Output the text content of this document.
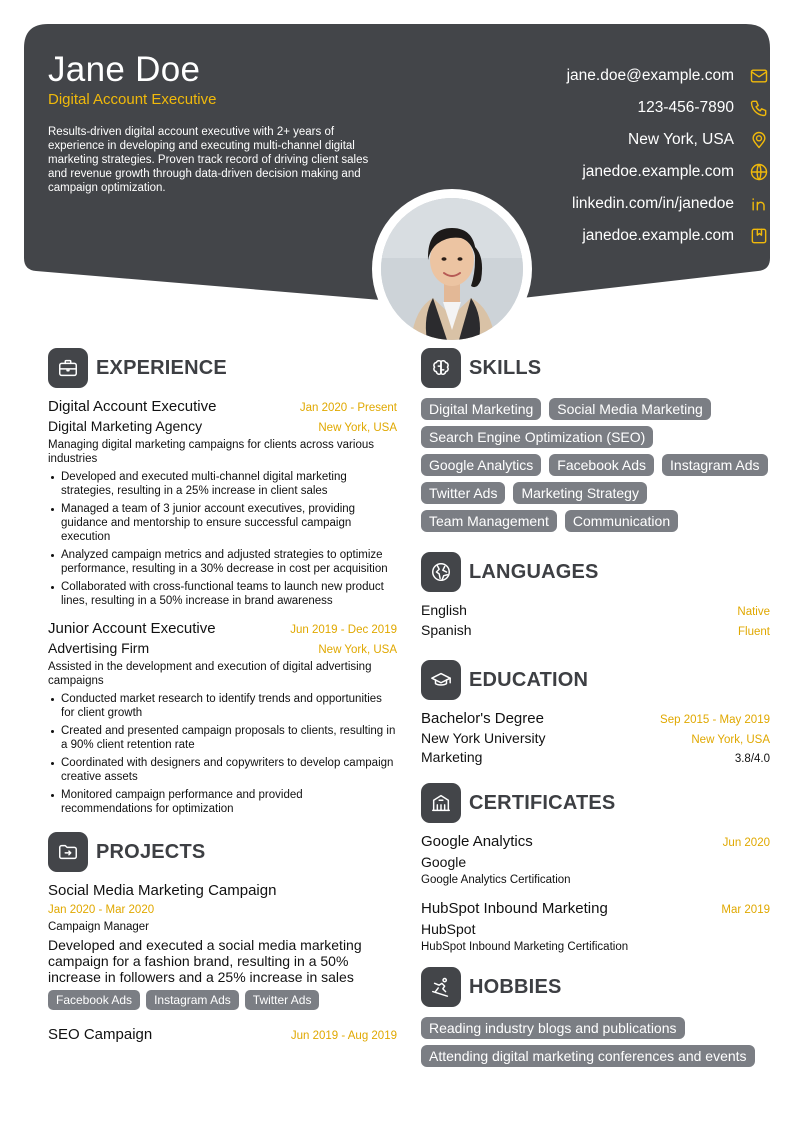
Jane Doe
Digital Account Executive

Results-driven digital account executive with 2+ years of experience in developing and executing multi-channel digital marketing strategies. Proven track record of driving client sales and revenue growth through data-driven decision making and campaign optimization.

jane.doe@example.com
123-456-7890
New York, USA
janedoe.example.com
linkedin.com/in/janedoe
janedoe.example.com
EXPERIENCE
Digital Account Executive	Jan 2020 - Present
Digital Marketing Agency	New York, USA

Managing digital marketing campaigns for clients across various industries

Developed and executed multi-channel digital marketing strategies, resulting in a 25% increase in client sales
Managed a team of 3 junior account executives, providing guidance and mentorship to ensure successful campaign execution
Analyzed campaign metrics and adjusted strategies to optimize performance, resulting in a 30% decrease in cost per acquisition
Collaborated with cross-functional teams to launch new product lines, resulting in a 50% increase in brand awareness
Junior Account Executive	Jun 2019 - Dec 2019
Advertising Firm	New York, USA

Assisted in the development and execution of digital advertising campaigns

Conducted market research to identify trends and opportunities for client growth
Created and presented campaign proposals to clients, resulting in a 90% client retention rate
Coordinated with designers and copywriters to develop campaign creative assets
Monitored campaign performance and provided recommendations for optimization
PROJECTS
Social Media Marketing Campaign
Jan 2020 - Mar 2020
Campaign Manager

Developed and executed a social media marketing campaign for a fashion brand, resulting in a 50% increase in followers and a 25% increase in sales

Facebook Ads	Instagram Ads	Twitter Ads
SEO Campaign	Jun 2019 - Aug 2019
SKILLS
Digital Marketing	Social Media Marketing
Search Engine Optimization (SEO)
Google Analytics	Facebook Ads	Instagram Ads
Twitter Ads	Marketing Strategy
Team Management	Communication
LANGUAGES
English	Native
Spanish	Fluent
EDUCATION
Bachelor's Degree	Sep 2015 - May 2019
New York University	New York, USA
Marketing	3.8/4.0
CERTIFICATES
Google Analytics	Jun 2020
Google
Google Analytics Certification
HubSpot Inbound Marketing	Mar 2019
HubSpot
HubSpot Inbound Marketing Certification
HOBBIES
Reading industry blogs and publications
Attending digital marketing conferences and events
